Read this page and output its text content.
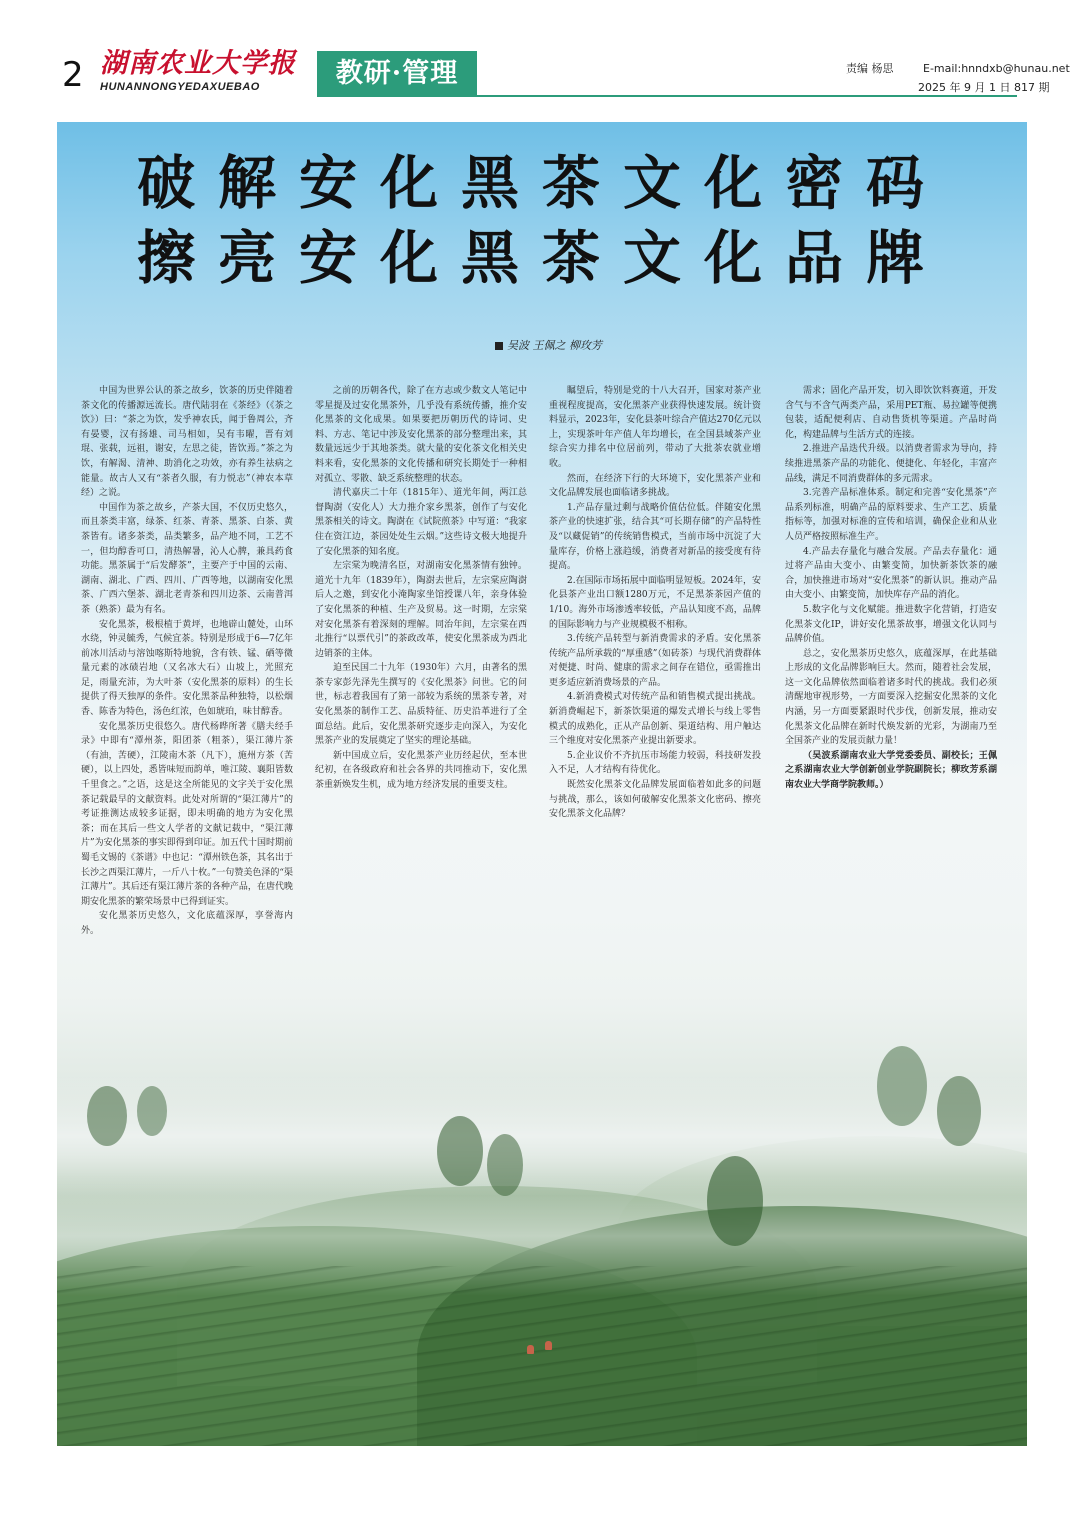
2 湖南农业大学报
HUNANNONGYEDAXUEBAO	教研·管理	责编 杨思	E-mail:hnndxb@hunau.net
2025 年 9 月 1 日 817 期
破解安化黑茶文化密码
擦亮安化黑茶文化品牌
吴波 王佩之 柳玫芳

中国为世界公认的茶之故乡，饮茶的历史伴随着茶文化的传播源远流长。唐代陆羽在《茶经》（《茶之饮》）曰：“茶之为饮，发乎神农氏，闻于鲁周公，齐有晏婴，汉有扬雄、司马相如，吴有韦曜，晋有刘琨、张载，远祖，谢安，左思之徒，皆饮焉。”茶之为饮，有解渴、清神、助消化之功效，亦有养生祛病之能量。故古人又有“茶者久服，有力悦志”（神农本草经）之说。

中国作为茶之故乡，产茶大国，不仅历史悠久，而且茶类丰富，绿茶、红茶、青茶、黑茶、白茶、黄茶皆有。诸多茶类，品类繁多，品产地不同，工艺不一，但均醇香可口，清热解暑，沁人心脾，兼具药食功能。黑茶属于“后发酵茶”，主要产于中国的云南、湖南、湖北、广西、四川、广西等地，以湖南安化黑茶、广西六堡茶、湖北老青茶和四川边茶、云南普洱茶（熟茶）最为有名。

安化黑茶，极根植于黄坪，也地辟山麓处，山环水绕，钟灵毓秀，气候宜茶。特别是形成于6—7亿年前冰川活动与溶蚀喀斯特地貌，含有铁、锰、硒等微量元素的冰碛岩地（又名冰大石）山坡上，光照充足，雨量充沛，为大叶茶（安化黑茶的原料）的生长提供了得天独厚的条件。安化黑茶品种独特，以松烟香、陈香为特色，汤色红浓，色如琥珀，味甘醇香。

安化黑茶历史很悠久。唐代杨晔所著《膳夫经手录》中即有“潭州茶，阳团茶（粗茶），渠江薄片茶（有油，苦硬），江陵南木茶（凡下），施州方茶（苦硬），以上四处，悉皆味短而韵单，唯江陵、襄阳皆数千里食之。”之语，这是这全所能见的文字关于安化黑茶记载最早的文献资料。此处对所谓的“渠江薄片”的考证推测达成较多证据，即未明确的地方为安化黑茶；而在其后一些文人学者的文献记载中，“渠江薄片”为安化黑茶的事实即得到印证。加五代十国时期前蜀毛文锡的《茶谱》中也记：“潭州铁色茶，其名出于长沙之西渠江薄片，一斤八十枚。”一句赞美色泽的“渠江薄片”。其后还有渠江薄片茶的各种产品，在唐代晚期安化黑茶的繁荣场景中已得到证实。

安化黑茶历史悠久，文化底蕴深厚，享誉海内外。

之前的历朝各代，除了在方志或少数文人笔记中零星提及过安化黑茶外，几乎没有系统传播，推介安化黑茶的文化成果。如果要把历朝历代的诗词、史料、方志、笔记中涉及安化黑茶的部分整理出来，其数量远远少于其地茶类。就大量的安化茶文化相关史料来看，安化黑茶的文化传播和研究长期处于一种相对孤立、零散、缺乏系统整理的状态。

清代嘉庆二十年（1815年）、道光年间，两江总督陶澍（安化人）大力推介家乡黑茶，创作了与安化黑茶相关的诗文。陶澍在《试院煎茶》中写道：“我家住在资江边，茶园处处生云烟。”这些诗文极大地提升了安化黑茶的知名度。

左宗棠为晚清名臣，对湖南安化黑茶情有独钟。道光十九年（1839年），陶澍去世后，左宗棠应陶澍后人之邀，到安化小淹陶家坐馆授课八年，亲身体验了安化黑茶的种植、生产及贸易。这一时期，左宗棠对安化黑茶有着深刻的理解。同治年间，左宗棠在西北推行“以票代引”的茶政改革，使安化黑茶成为西北边销茶的主体。

迫至民国二十九年（1930年）六月，由著名的黑茶专家彭先泽先生撰写的《安化黑茶》问世。它的问世，标志着我国有了第一部较为系统的黑茶专著，对安化黑茶的制作工艺、品质特征、历史沿革进行了全面总结。此后，安化黑茶研究逐步走向深入，为安化黑茶产业的发展奠定了坚实的理论基础。

新中国成立后，安化黑茶产业历经起伏，至本世纪初，在各级政府和社会各界的共同推动下，安化黑茶重新焕发生机，成为地方经济发展的重要支柱。

瞩望后，特别是党的十八大召开，国家对茶产业重视程度提高，安化黑茶产业获得快速发展。统计资料显示，2023年，安化县茶叶综合产值达270亿元以上，实现茶叶年产值人年均增长，在全国县域茶产业综合实力排名中位居前列，带动了大批茶农就业增收。

然而，在经济下行的大环境下，安化黑茶产业和文化品牌发展也面临诸多挑战。

1.产品存量过剩与战略价值估位低。伴随安化黑茶产业的快速扩张，结合其“可长期存储”的产品特性及“以藏促销”的传统销售模式，当前市场中沉淀了大量库存，价格上涨趋缓，消费者对新品的接受度有待提高。

2.在国际市场拓展中面临明显短板。2024年，安化县茶产业出口额1280万元，不足黑茶茶园产值的1/10。海外市场渗透率较低，产品认知度不高，品牌的国际影响力与产业规模极不相称。

3.传统产品转型与新消费需求的矛盾。安化黑茶传统产品所承载的“厚重感”（如砖茶）与现代消费群体对便捷、时尚、健康的需求之间存在错位，亟需推出更多适应新消费场景的产品。

4.新消费模式对传统产品和销售模式提出挑战。新消费崛起下，新茶饮渠道的爆发式增长与线上零售模式的成熟化，正从产品创新、渠道结构、用户触达三个维度对安化黑茶产业提出新要求。

5.企业议价不齐抗压市场能力较弱，科技研发投入不足，人才结构有待优化。

既然安化黑茶文化品牌发展面临着如此多的问题与挑战，那么，该如何破解安化黑茶文化密码、擦亮安化黑茶文化品牌？

需求；固化产品开发，切入即饮饮料赛道，开发含气与不含气两类产品，采用PET瓶、易拉罐等便携包装，适配便利店、自动售货机等渠道。产品时尚化，构建品牌与生活方式的连接。

2.推进产品迭代升级。以消费者需求为导向，持续推进黑茶产品的功能化、便捷化、年轻化，丰富产品线，满足不同消费群体的多元需求。

3.完善产品标准体系。制定和完善“安化黑茶”产品系列标准，明确产品的原料要求、生产工艺、质量指标等，加强对标准的宣传和培训，确保企业和从业人员严格按照标准生产。

4.产品去存量化与融合发展。产品去存量化：通过将产品由大变小、由繁变简，加快新茶饮茶的融合，加快推进市场对“安化黑茶”的新认识。推动产品由大变小、由繁变简，加快库存产品的消化。

5.数字化与文化赋能。推进数字化营销，打造安化黑茶文化IP，讲好安化黑茶故事，增强文化认同与品牌价值。

总之，安化黑茶历史悠久，底蕴深厚，在此基础上形成的文化品牌影响巨大。然而，随着社会发展，这一文化品牌依然面临着诸多时代的挑战。我们必须清醒地审视形势，一方面要深入挖掘安化黑茶的文化内涵，另一方面要紧跟时代步伐，创新发展，推动安化黑茶文化品牌在新时代焕发新的光彩，为湖南乃至全国茶产业的发展贡献力量！

（吴波系湖南农业大学党委委员、副校长；王佩之系湖南农业大学创新创业学院副院长；柳玫芳系湖南农业大学商学院教师。）
